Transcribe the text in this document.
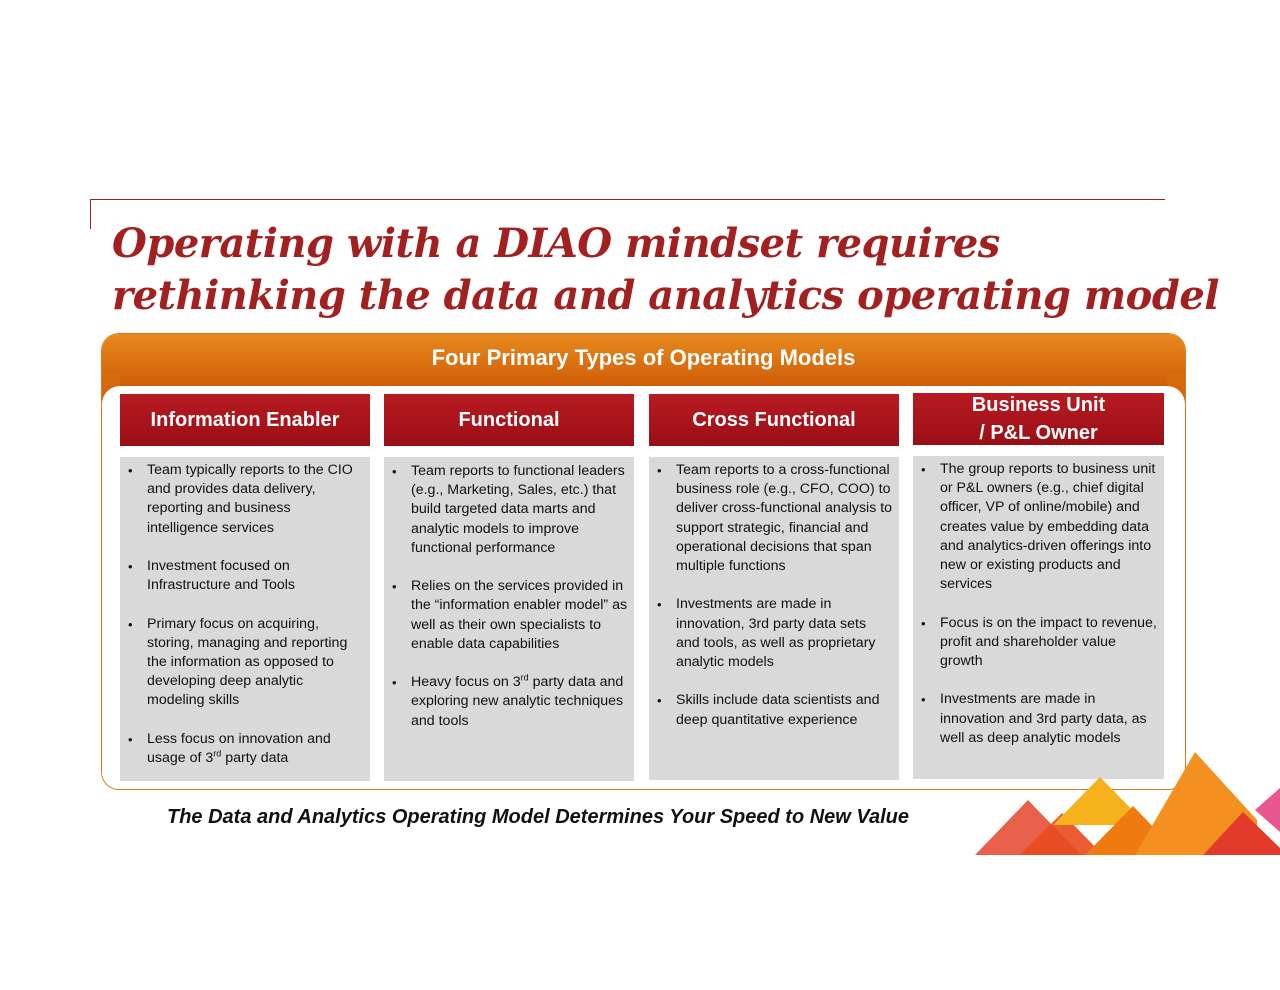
Operating with a DIAO mindset requires
rethinking the data and analytics operating model
Four Primary Types of Operating Models
Information Enabler
• Team typically reports to the CIO and provides data delivery, reporting and business intelligence services
• Investment focused on Infrastructure and Tools
• Primary focus on acquiring, storing, managing and reporting the information as opposed to developing deep analytic modeling skills
• Less focus on innovation and usage of 3rd party data
Functional
• Team reports to functional leaders (e.g., Marketing, Sales, etc.) that build targeted data marts and analytic models to improve functional performance
• Relies on the services provided in the “information enabler model” as well as their own specialists to enable data capabilities
• Heavy focus on 3rd party data and exploring new analytic techniques and tools
Cross Functional
• Team reports to a cross-functional business role (e.g., CFO, COO) to deliver cross-functional analysis to support strategic, financial and operational decisions that span multiple functions
• Investments are made in innovation, 3rd party data sets and tools, as well as proprietary analytic models
• Skills include data scientists and deep quantitative experience
Business Unit
/ P&L Owner
• The group reports to business unit or P&L owners (e.g., chief digital officer, VP of online/mobile) and creates value by embedding data and analytics-driven offerings into new or existing products and services
• Focus is on the impact to revenue, profit and shareholder value growth
• Investments are made in innovation and 3rd party data, as well as deep analytic models
The Data and Analytics Operating Model Determines Your Speed to New Value
